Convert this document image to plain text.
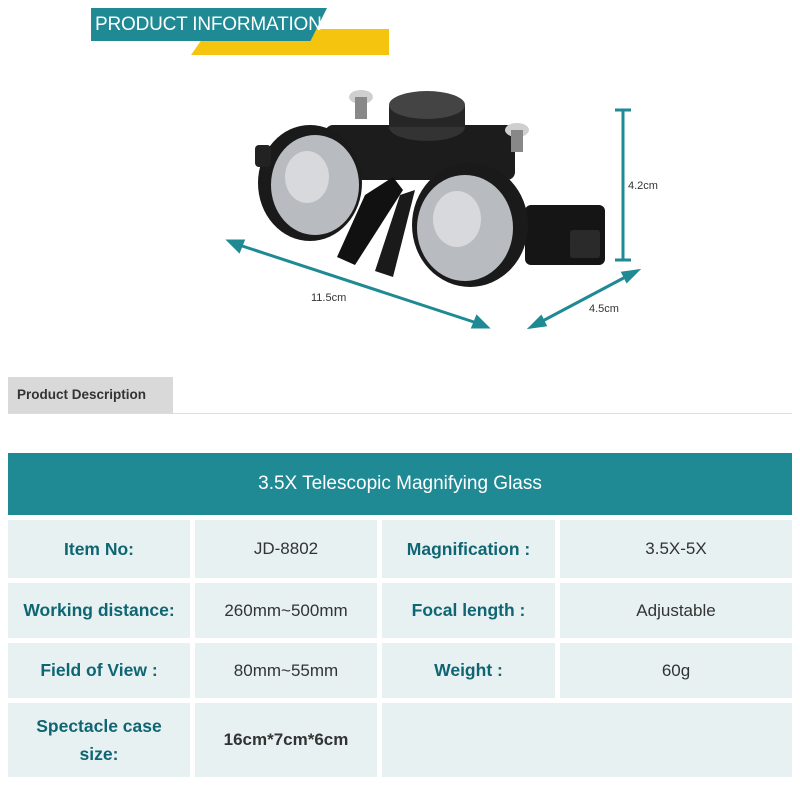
PRODUCT INFORMATION
11.5cm
4.5cm
4.2cm
Product Description
3.5X Telescopic Magnifying Glass
Item No:	JD-8802	Magnification :	3.5X-5X
Working distance:	260mm~500mm	Focal length :	Adjustable
Field of View :	80mm~55mm	Weight :	60g
Spectacle case size:
16cm*7cm*6cm
